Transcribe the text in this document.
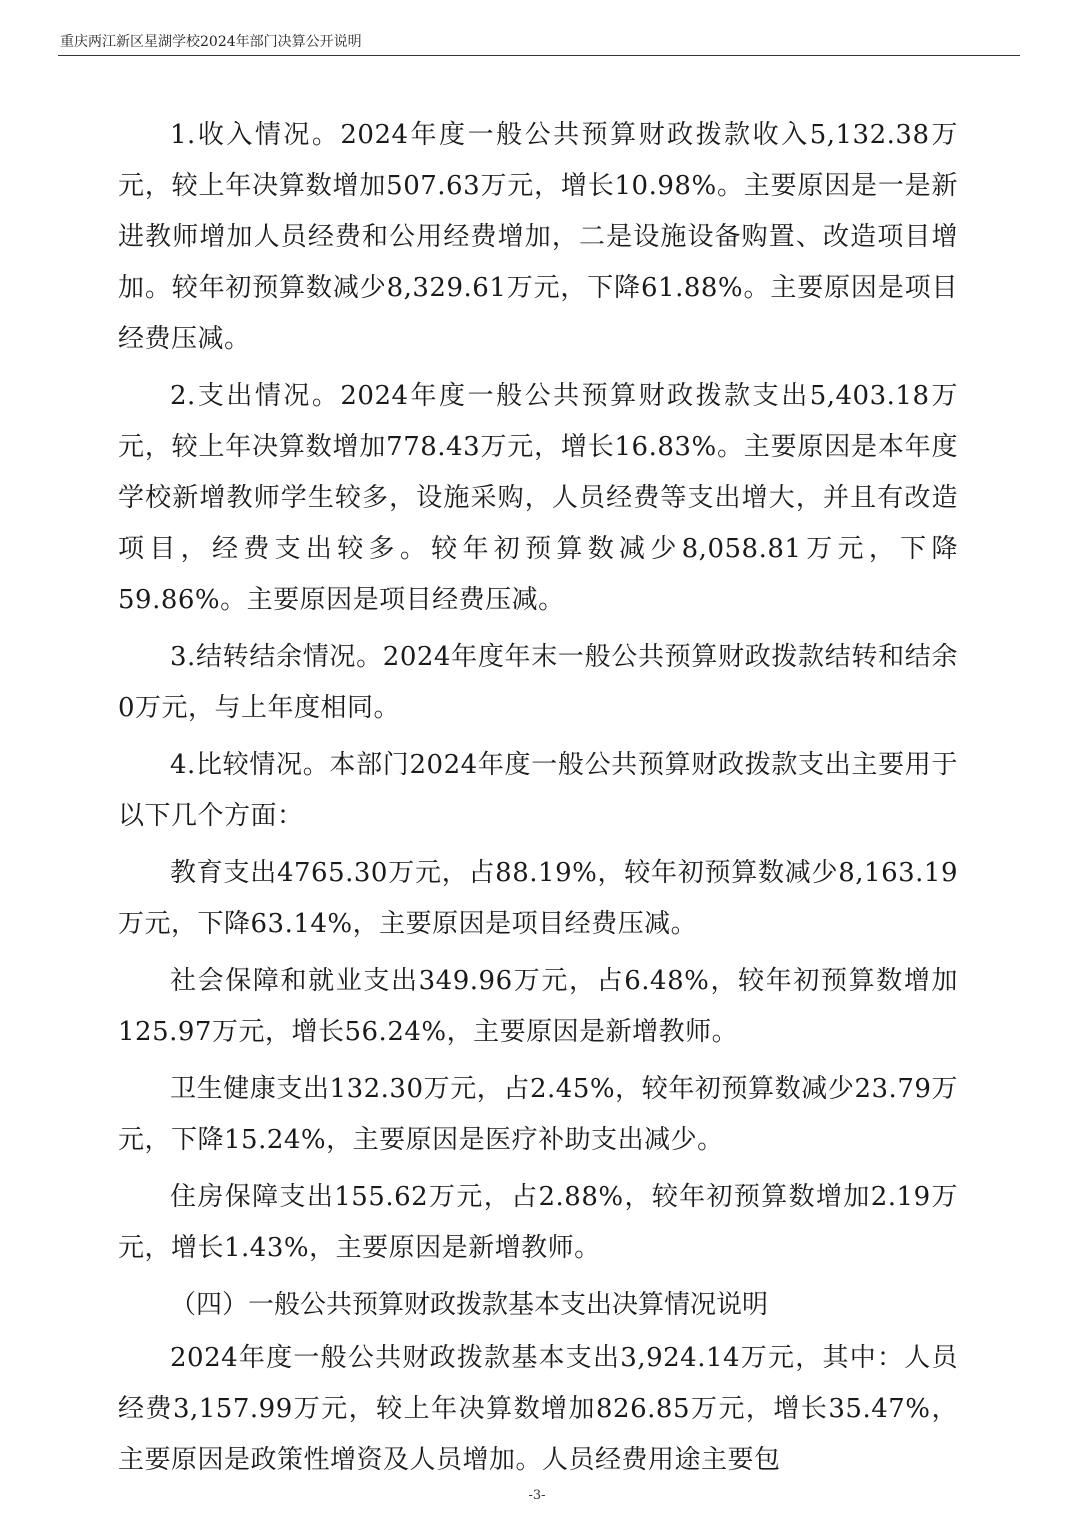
重庆两江新区星湖学校2024年部门决算公开说明

1.收入情况。2024年度一般公共预算财政拨款收入5,132.38万元，较上年决算数增加507.63万元，增长10.98%。主要原因是一是新进教师增加人员经费和公用经费增加，二是设施设备购置、改造项目增加。较年初预算数减少8,329.61万元，下降61.88%。主要原因是项目经费压减。

2.支出情况。2024年度一般公共预算财政拨款支出5,403.18万元，较上年决算数增加778.43万元，增长16.83%。主要原因是本年度学校新增教师学生较多，设施采购，人员经费等支出增大，并且有改造项目，经费支出较多。较年初预算数减少8,058.81万元，下降59.86%。主要原因是项目经费压减。

3.结转结余情况。2024年度年末一般公共预算财政拨款结转和结余0万元，与上年度相同。

4.比较情况。本部门2024年度一般公共预算财政拨款支出主要用于以下几个方面：

教育支出4765.30万元，占88.19%，较年初预算数减少8,163.19万元，下降63.14%，主要原因是项目经费压减。

社会保障和就业支出349.96万元，占6.48%，较年初预算数增加125.97万元，增长56.24%，主要原因是新增教师。

卫生健康支出132.30万元，占2.45%，较年初预算数减少23.79万元，下降15.24%，主要原因是医疗补助支出减少。

住房保障支出155.62万元，占2.88%，较年初预算数增加2.19万元，增长1.43%，主要原因是新增教师。

（四）一般公共预算财政拨款基本支出决算情况说明

2024年度一般公共财政拨款基本支出3,924.14万元，其中：人员经费3,157.99万元，较上年决算数增加826.85万元，增长35.47%，主要原因是政策性增资及人员增加。人员经费用途主要包

-3-
